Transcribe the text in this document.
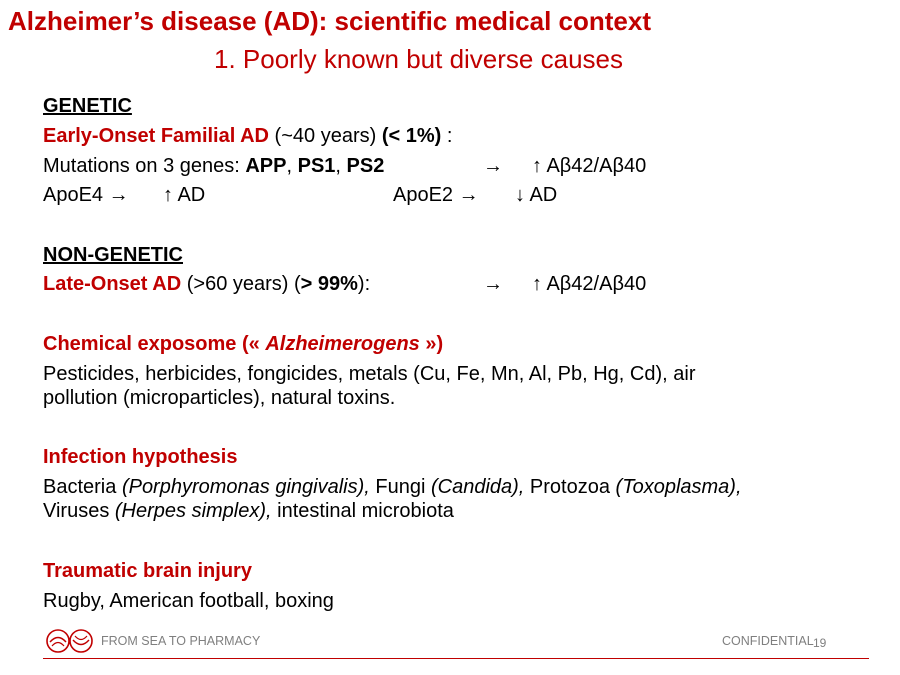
Alzheimer’s disease (AD): scientific medical context
1. Poorly known but diverse causes
GENETIC
Early-Onset Familial AD (~40 years) (< 1%) :
Mutations on 3 genes: APP, PS1, PS2	→ ↑ Aβ42/Aβ40
ApoE4 → ↑ AD	ApoE2 → ↓ AD
NON-GENETIC
Late-Onset AD (>60 years) (> 99%):	→ ↑ Aβ42/Aβ40
Chemical exposome (« Alzheimerogens »)
Pesticides, herbicides, fongicides, metals (Cu, Fe, Mn, Al, Pb, Hg, Cd), air
pollution (microparticles), natural toxins.
Infection hypothesis
Bacteria (Porphyromonas gingivalis), Fungi (Candida), Protozoa (Toxoplasma),
Viruses (Herpes simplex), intestinal microbiota
Traumatic brain injury
Rugby, American football, boxing
FROM SEA TO PHARMACY	CONFIDENTIAL 19
